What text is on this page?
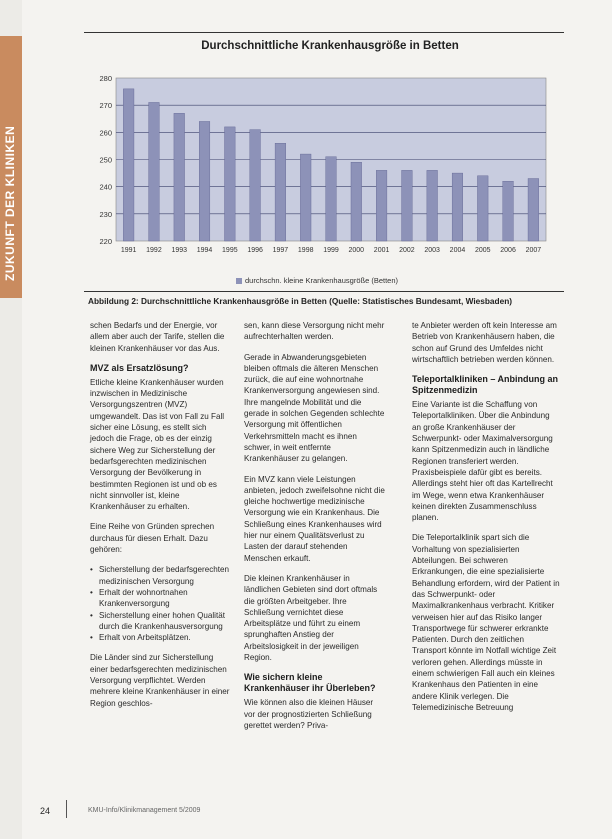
ZUKUNFT DER KLINIKEN
Durchschnittliche Krankenhausgröße in Betten
220
230
240
250
260
270
280
1991 1992 1993 1994 1995 1996 1997 1998 1999 2000 2001 2002 2003 2004 2005 2006 2007
durchschn. kleine Krankenhausgröße (Betten)
Abbildung 2: Durchschnittliche Krankenhausgröße in Betten (Quelle: Statistisches Bundesamt, Wiesbaden)

schen Bedarfs und der Energie, vor allem aber auch der Tarife, stellen die kleinen Krankenhäuser vor das Aus.

MVZ als Ersatzlösung?

Etliche kleine Krankenhäuser wurden inzwischen in Medizinische Versorgungszentren (MVZ) umgewandelt. Das ist von Fall zu Fall sicher eine Lösung, es stellt sich jedoch die Frage, ob es der einzig sichere Weg zur Sicherstellung der bedarfsgerechten medizinischen Versorgung der Bevölkerung in bestimmten Regionen ist und ob es nicht sinnvoller ist, kleine Krankenhäuser zu erhalten.

Eine Reihe von Gründen sprechen durchaus für diesen Erhalt. Dazu gehören:

• Sicherstellung der bedarfsgerechten medizinischen Versorgung
• Erhalt der wohnortnahen Krankenversorgung
• Sicherstellung einer hohen Qualität durch die Krankenhausversorgung
• Erhalt von Arbeitsplätzen.

Die Länder sind zur Sicherstellung einer bedarfsgerechten medizinischen Versorgung verpflichtet. Werden mehrere kleine Krankenhäuser in einer Region geschlos-

sen, kann diese Versorgung nicht mehr aufrechterhalten werden.

Gerade in Abwanderungsgebieten bleiben oftmals die älteren Menschen zurück, die auf eine wohnortnahe Krankenversorgung angewiesen sind. Ihre mangelnde Mobilität und die gerade in solchen Gegenden schlechte Versorgung mit öffentlichen Verkehrsmitteln macht es ihnen schwer, in weit entfernte Krankenhäuser zu gelangen.

Ein MVZ kann viele Leistungen anbieten, jedoch zweifelsohne nicht die gleiche hochwertige medizinische Versorgung wie ein Krankenhaus. Die Schließung eines Krankenhauses wird hier nur einem Qualitätsverlust zu Lasten der darauf stehenden Menschen erkauft.

Die kleinen Krankenhäuser in ländlichen Gebieten sind dort oftmals die größten Arbeitgeber. Ihre Schließung vernichtet diese Arbeitsplätze und führt zu einem sprunghaften Anstieg der Arbeitslosigkeit in der jeweiligen Region.

Wie sichern kleine Krankenhäuser ihr Überleben?

Wie können also die kleinen Häuser vor der prognostizierten Schließung gerettet werden? Priva-

te Anbieter werden oft kein Interesse am Betrieb von Krankenhäusern haben, die schon auf Grund des Umfeldes nicht wirtschaftlich betrieben werden können.

Teleportalkliniken – Anbindung an Spitzenmedizin

Eine Variante ist die Schaffung von Teleportalkliniken. Über die Anbindung an große Krankenhäuser der Schwerpunkt- oder Maximalversorgung kann Spitzenmedizin auch in ländliche Regionen transferiert werden. Praxisbeispiele dafür gibt es bereits. Allerdings steht hier oft das Kartellrecht im Wege, wenn etwa Krankenhäuser keinen direkten Zusammenschluss planen.

Die Teleportalklinik spart sich die Vorhaltung von spezialisierten Abteilungen. Bei schweren Erkrankungen, die eine spezialisierte Behandlung erfordern, wird der Patient in das Schwerpunkt- oder Maximalkrankenhaus verbracht. Kritiker verweisen hier auf das Risiko langer Transportwege für schwerer erkrankte Patienten. Durch den zeitlichen Transport könnte im Notfall wichtige Zeit verloren gehen. Allerdings müsste in einem schwierigen Fall auch ein kleines Krankenhaus den Patienten in eine andere Klinik verlegen. Die Telemedizinische Betreuung

24	KMU-Info/Klinikmanagement 5/2009
